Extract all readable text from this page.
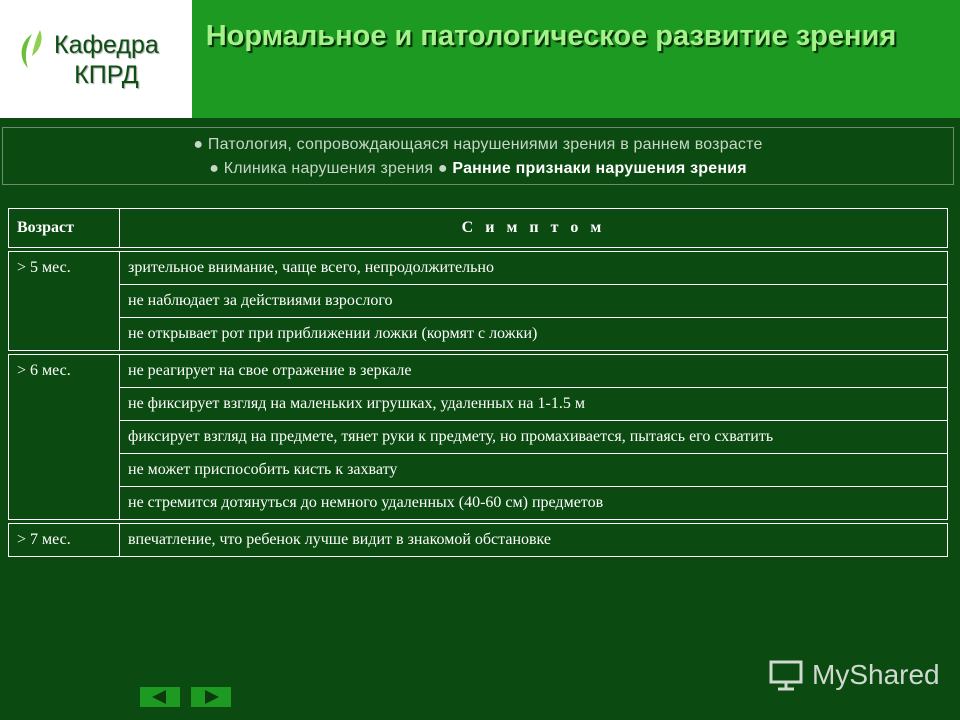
Кафедра
КПРД
Нормальное и патологическое развитие зрения
● Патология, сопровождающаяся нарушениями зрения в раннем возрасте
● Клиника нарушения зрения ● Ранние признаки нарушения зрения
Возраст	С и м п т о м

> 5 мес.	зрительное внимание, чаще всего, непродолжительно
	не наблюдает за действиями взрослого
	не открывает рот при приближении ложки (кормят с ложки)

> 6 мес.	не реагирует на свое отражение в зеркале
	не фиксирует взгляд на маленьких игрушках, удаленных на 1-1.5 м
	фиксирует взгляд на предмете, тянет руки к предмету, но промахивается, пытаясь его схватить
	не может приспособить кисть к захвату
	не стремится дотянуться до немного удаленных (40-60 см) предметов

> 7 мес.	впечатление, что ребенок лучше видит в знакомой обстановке
MyShared
